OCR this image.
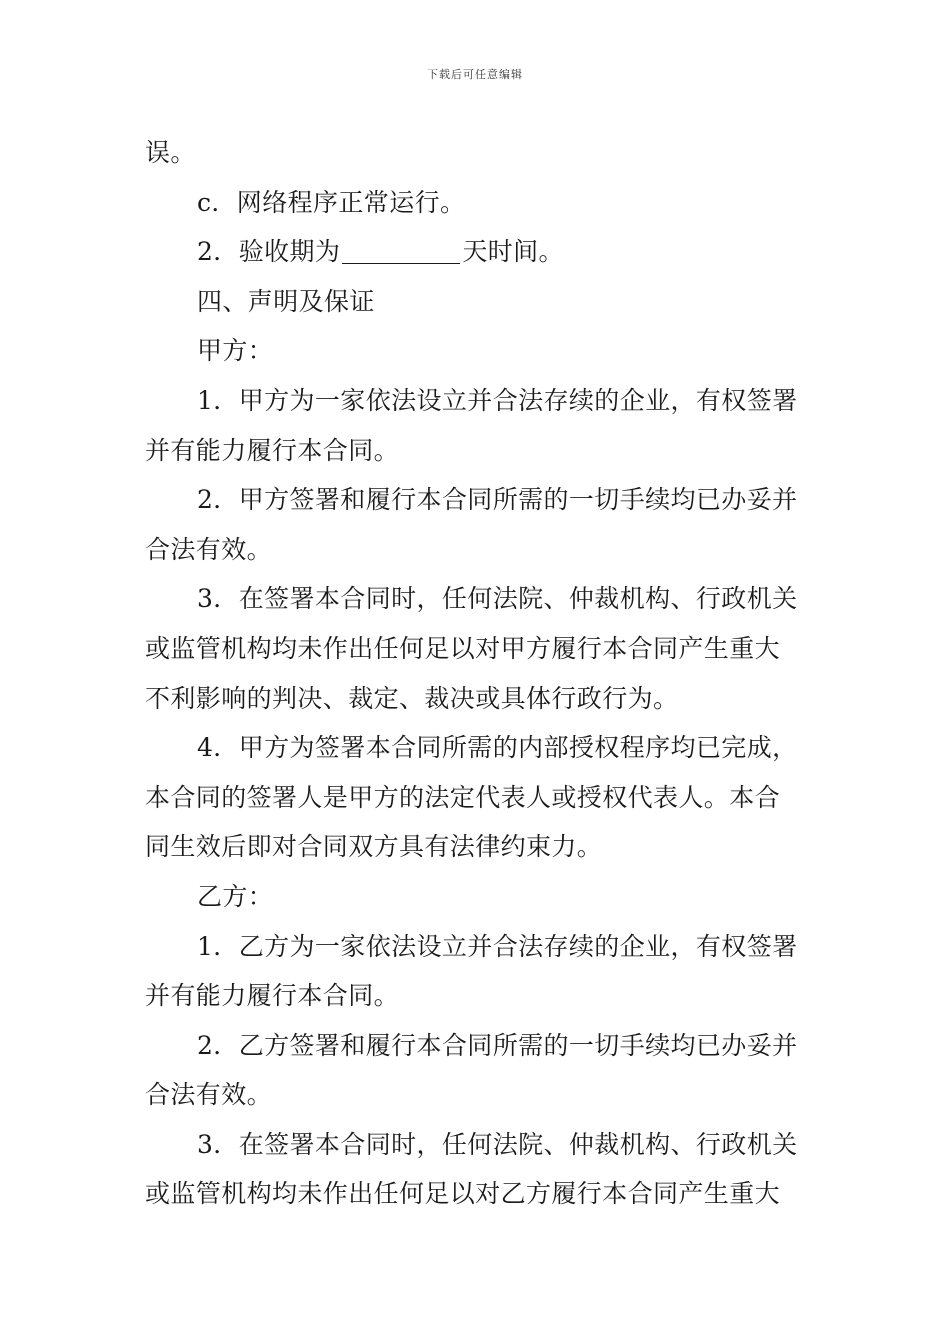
下载后可任意编辑
误。
c．网络程序正常运行。
2．验收期为	天时间。
四、声明及保证
甲方：
1．甲方为一家依法设立并合法存续的企业，有权签署
并有能力履行本合同。
2．甲方签署和履行本合同所需的一切手续均已办妥并
合法有效。
3．在签署本合同时，任何法院、仲裁机构、行政机关
或监管机构均未作出任何足以对甲方履行本合同产生重大
不利影响的判决、裁定、裁决或具体行政行为。
4．甲方为签署本合同所需的内部授权程序均已完成，
本合同的签署人是甲方的法定代表人或授权代表人。本合
同生效后即对合同双方具有法律约束力。
乙方：
1．乙方为一家依法设立并合法存续的企业，有权签署
并有能力履行本合同。
2．乙方签署和履行本合同所需的一切手续均已办妥并
合法有效。
3．在签署本合同时，任何法院、仲裁机构、行政机关
或监管机构均未作出任何足以对乙方履行本合同产生重大
